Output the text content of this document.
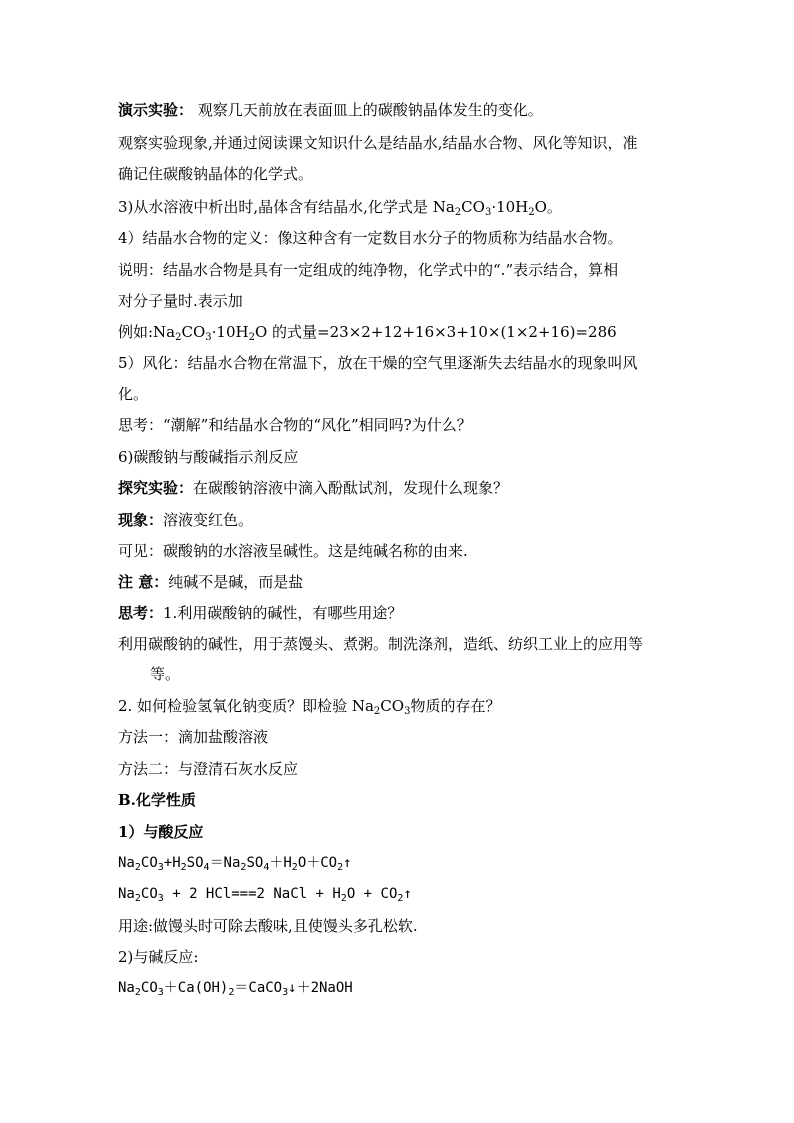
演示实验： 观察几天前放在表面皿上的碳酸钠晶体发生的变化。
观察实验现象,并通过阅读课文知识什么是结晶水,结晶水合物、风化等知识，准
确记住碳酸钠晶体的化学式。
3)从水溶液中析出时,晶体含有结晶水,化学式是 $Na_2CO_3\cdot 10H_2O$。
4）结晶水合物的定义：像这种含有一定数目水分子的物质称为结晶水合物。
说明：结晶水合物是具有一定组成的纯净物，化学式中的“.”表示结合，算相
对分子量时.表示加
例如$:Na_2CO_3\cdot 10H_2O$ 的式量=23×2+12+16×3+10×(1×2+16)=286
5）风化：结晶水合物在常温下，放在干燥的空气里逐渐失去结晶水的现象叫风
化。
思考：“潮解”和结晶水合物的“风化”相同吗?为什么？
6)碳酸钠与酸碱指示剂反应
探究实验：在碳酸钠溶液中滴入酚酞试剂，发现什么现象？
现象：溶液变红色。
可见：碳酸钠的水溶液呈碱性。这是纯碱名称的由来.
注 意：纯碱不是碱，而是盐
思考：1.利用碳酸钠的碱性，有哪些用途？
利用碳酸钠的碱性，用于蒸馒头、煮粥。制洗涤剂，造纸、纺织工业上的应用等
等。
2. 如何检验氢氧化钠变质？即检验 $Na_2CO_3$物质的存在？
方法一：滴加盐酸溶液
方法二：与澄清石灰水反应
B.化学性质
1）与酸反应
$Na_2CO_3+H_2SO_4=Na_2SO_4+H_2O+CO_2↑$
$Na_2CO_3 + 2$ HCl===2 NaCl + $H_2O$ + $CO_2↑$
用途:做馒头时可除去酸味,且使馒头多孔松软.
2)与碱反应:
$Na_2CO_3+Ca(OH)_2=CaCO_3↓+2NaOH$
